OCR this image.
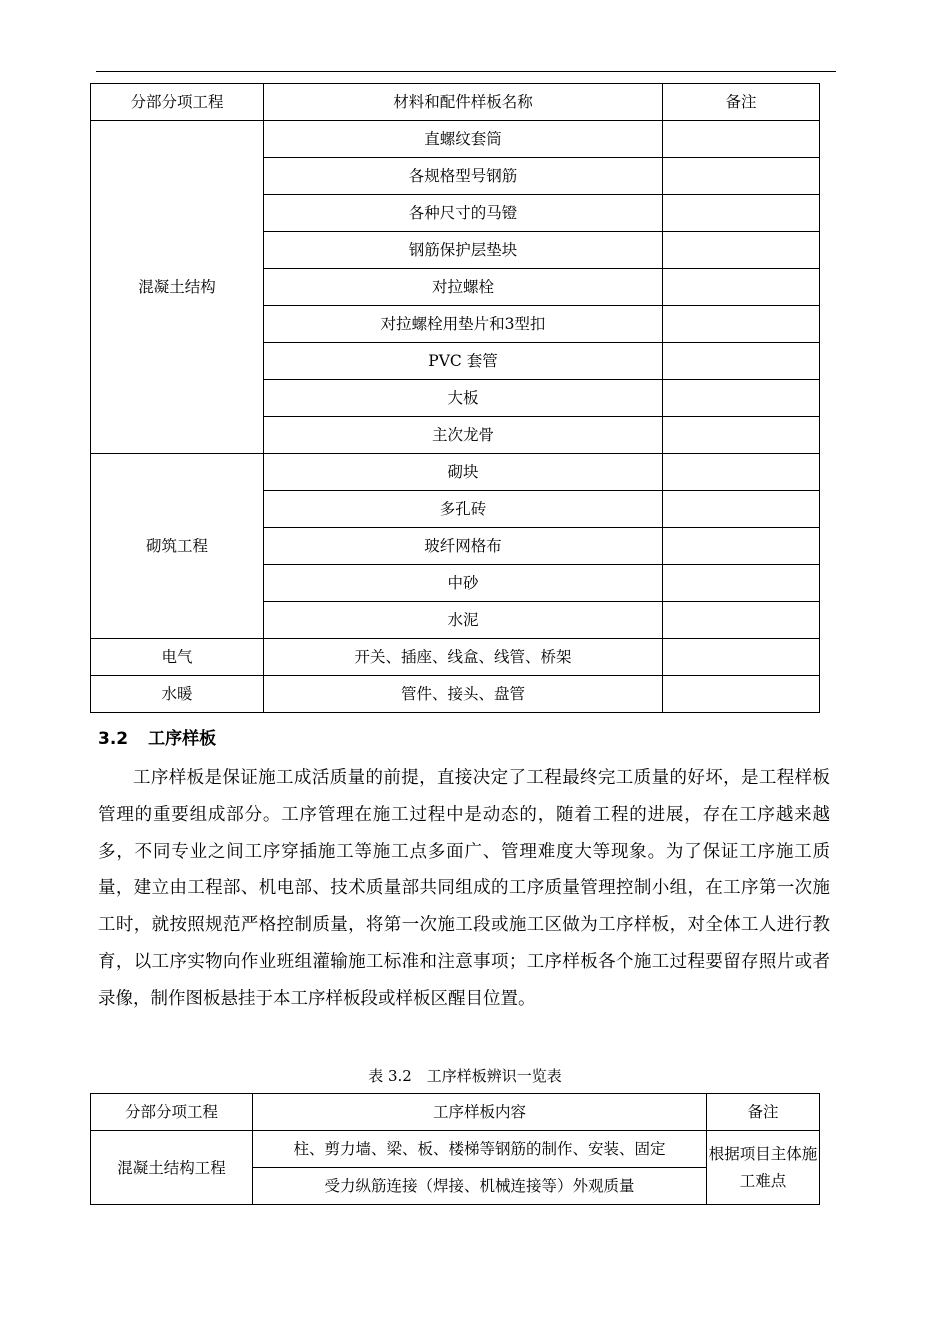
分部分项工程	材料和配件样板名称	备注
混凝土结构	直螺纹套筒	
	各规格型号钢筋	
	各种尺寸的马镫	
	钢筋保护层垫块	
	对拉螺栓	
	对拉螺栓用垫片和3型扣	
	PVC 套管	
	大板	
	主次龙骨	
砌筑工程	砌块	
	多孔砖	
	玻纤网格布	
	中砂	
	水泥	
电气	开关、插座、线盒、线管、桥架	
水暖	管件、接头、盘管	
3.2 工序样板

工序样板是保证施工成活质量的前提，直接决定了工程最终完工质量的好坏，是工程样板管理的重要组成部分。工序管理在施工过程中是动态的，随着工程的进展，存在工序越来越多，不同专业之间工序穿插施工等施工点多面广、管理难度大等现象。为了保证工序施工质量，建立由工程部、机电部、技术质量部共同组成的工序质量管理控制小组，在工序第一次施工时，就按照规范严格控制质量，将第一次施工段或施工区做为工序样板，对全体工人进行教育，以工序实物向作业班组灌输施工标准和注意事项；工序样板各个施工过程要留存照片或者录像，制作图板悬挂于本工序样板段或样板区醒目位置。

表 3.2　工序样板辨识一览表
分部分项工程	工序样板内容	备注
混凝土结构工程	柱、剪力墙、梁、板、楼梯等钢筋的制作、安装、固定	根据项目主体施工难点
	受力纵筋连接（焊接、机械连接等）外观质量	
